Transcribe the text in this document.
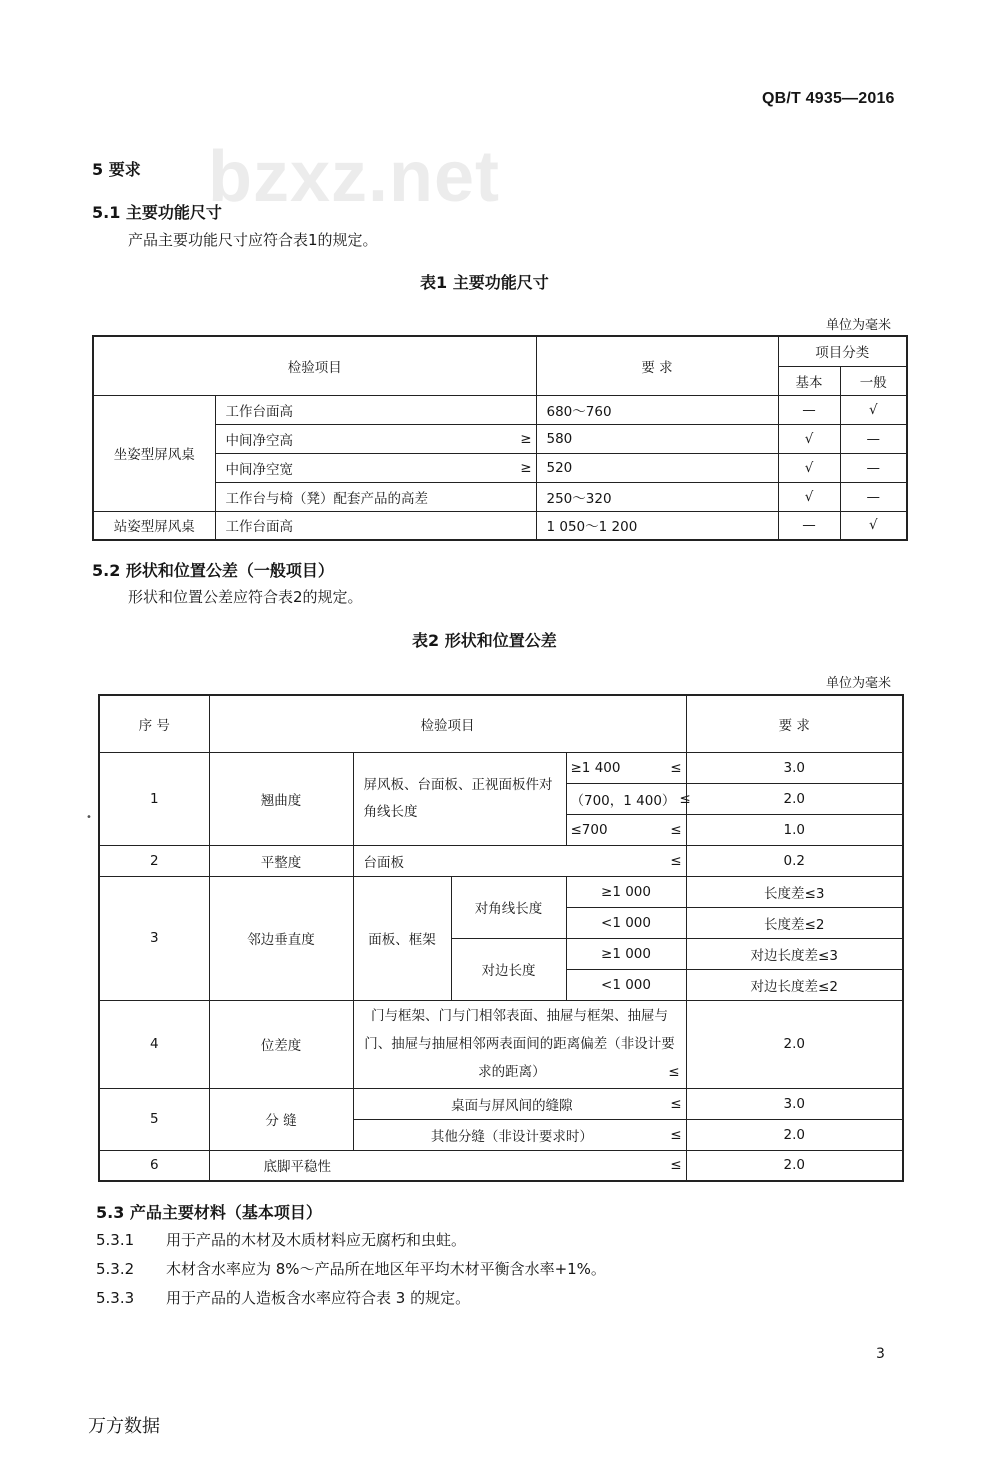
bzxz.net
QB/T 4935—2016
5 要求
5.1 主要功能尺寸
产品主要功能尺寸应符合表1的规定。
表1 主要功能尺寸
单位为毫米
检验项目		要 求	项目分类	
			基本	一般
坐姿型屏风桌	工作台面高	680～760	—	√

	中间净空高 ≥	580	√	—

	中间净空宽 ≥	520	√	—
	工作台与椅（凳）配套产品的高差	250～320	√	—
站姿型屏风桌	工作台面高	1 050～1 200	—	√
5.2 形状和位置公差（一般项目）
形状和位置公差应符合表2的规定。
表2 形状和位置公差
单位为毫米
•
序 号	检验项目				要 求
1	翘曲度	屏风板、台面板、正视面板件对角线长度		≥1 400 ≤	3.0

				（700，1 400） ≤	2.0

				≤700 ≤	1.0
2	平整度	台面板 ≤			0.2
3	邻边垂直度	面板、框架	对角线长度	≥1 000	长度差≤3
				<1 000	长度差≤2
			对边长度	≥1 000	对边长度差≤3
				<1 000	对边长度差≤2
4	位差度	门与框架、门与门相邻表面、抽屉与框架、抽屉与门、抽屉与抽屉相邻两表面间的距离偏差（非设计要求的距离） ≤			2.0
5	分 缝	桌面与屏风间的缝隙 ≤			3.0

		其他分缝（非设计要求时） ≤			2.0
6	底脚平稳性 ≤				2.0
5.3 产品主要材料（基本项目）
5.3.1 用于产品的木材及木质材料应无腐朽和虫蛀。
5.3.2 木材含水率应为 8%～产品所在地区年平均木材平衡含水率+1%。
5.3.3 用于产品的人造板含水率应符合表 3 的规定。
3
万方数据
